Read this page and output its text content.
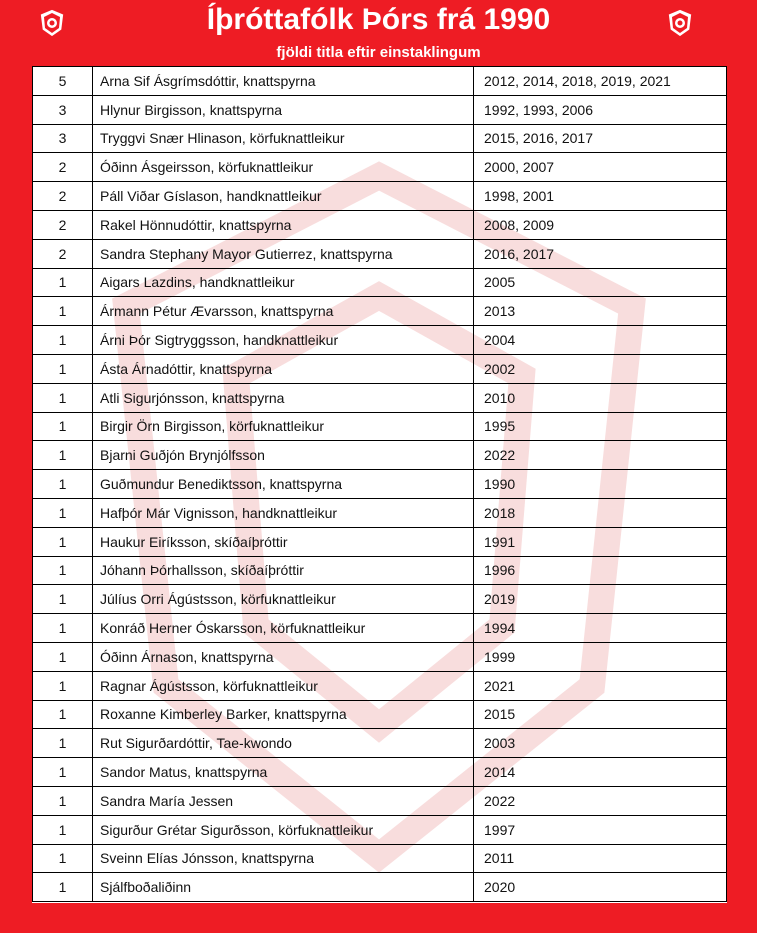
Íþróttafólk Þórs frá 1990
fjöldi titla eftir einstaklingum
5	Arna Sif Ásgrímsdóttir, knattspyrna	2012, 2014, 2018, 2019, 2021
3	Hlynur Birgisson, knattspyrna	1992, 1993, 2006
3	Tryggvi Snær Hlinason, körfuknattleikur	2015, 2016, 2017
2	Óðinn Ásgeirsson, körfuknattleikur	2000, 2007
2	Páll Viðar Gíslason, handknattleikur	1998, 2001
2	Rakel Hönnudóttir, knattspyrna	2008, 2009
2	Sandra Stephany Mayor Gutierrez, knattspyrna	2016, 2017
1	Aigars Lazdins, handknattleikur	2005
1	Ármann Pétur Ævarsson, knattspyrna	2013
1	Árni Þór Sigtryggsson, handknattleikur	2004
1	Ásta Árnadóttir, knattspyrna	2002
1	Atli Sigurjónsson, knattspyrna	2010
1	Birgir Örn Birgisson, körfuknattleikur	1995
1	Bjarni Guðjón Brynjólfsson	2022
1	Guðmundur Benediktsson, knattspyrna	1990
1	Hafþór Már Vignisson, handknattleikur	2018
1	Haukur Eiríksson, skíðaíþróttir	1991
1	Jóhann Þórhallsson, skíðaíþróttir	1996
1	Júlíus Orri Ágústsson, körfuknattleikur	2019
1	Konráð Herner Óskarsson, körfuknattleikur	1994
1	Óðinn Árnason, knattspyrna	1999
1	Ragnar Ágústsson, körfuknattleikur	2021
1	Roxanne Kimberley Barker, knattspyrna	2015
1	Rut Sigurðardóttir, Tae-kwondo	2003
1	Sandor Matus, knattspyrna	2014
1	Sandra María Jessen	2022
1	Sigurður Grétar Sigurðsson, körfuknattleikur	1997
1	Sveinn Elías Jónsson, knattspyrna	2011
1	Sjálfboðaliðinn	2020
